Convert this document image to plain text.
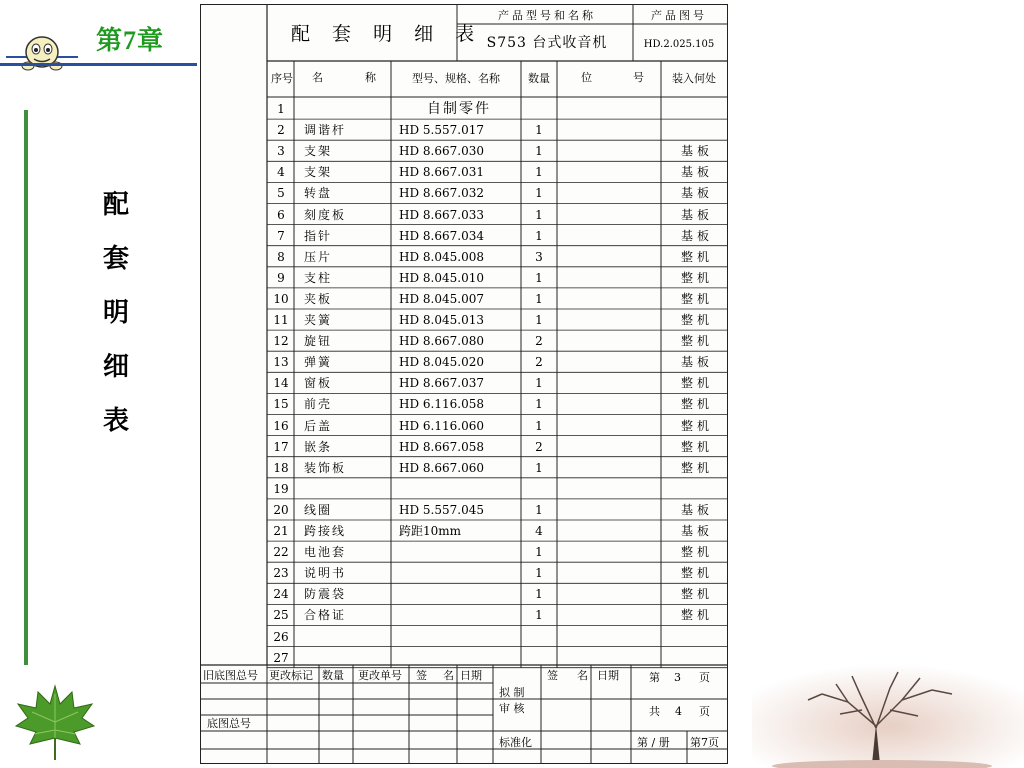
第7章
配
套
明
细
表
配 套 明 细 表
产品型号和名称
S753 台式收音机
产品图号
HD.2.025.105
序号 名	称	型号、规格、名称	数量	位	号	装入何处
1	自制零件
2 调谐杆	HD 5.557.017	1
3 支架	HD 8.667.030	1	基板
4 支架	HD 8.667.031	1	基板
5 转盘	HD 8.667.032	1	基板
6 刻度板	HD 8.667.033	1	基板
7 指针	HD 8.667.034	1	基板
8 压片	HD 8.045.008	3	整机
9 支柱	HD 8.045.010	1	整机
10 夹板	HD 8.045.007	1	整机
11 夹簧	HD 8.045.013	1	整机
12 旋钮	HD 8.667.080	2	整机
13 弹簧	HD 8.045.020	2	基板
14 窗板	HD 8.667.037	1	整机
15 前壳	HD 6.116.058	1	整机
16 后盖	HD 6.116.060	1	整机
17 嵌条	HD 8.667.058	2	整机
18 装饰板	HD 8.667.060	1	整机
19
20 线圈	HD 5.557.045	1	基板
21 跨接线	跨距10mm	4	基板
22 电池套	1	整机
23 说明书	1	整机
24 防震袋	1	整机
25 合格证	1	整机
26
27
旧底图总号 更改标记 数量 更改单号 签 名 日期
拟 制
审 核
标准化
签 名 日期	第 3 页
共 4 页
第 / 册 第7页
底图总号
